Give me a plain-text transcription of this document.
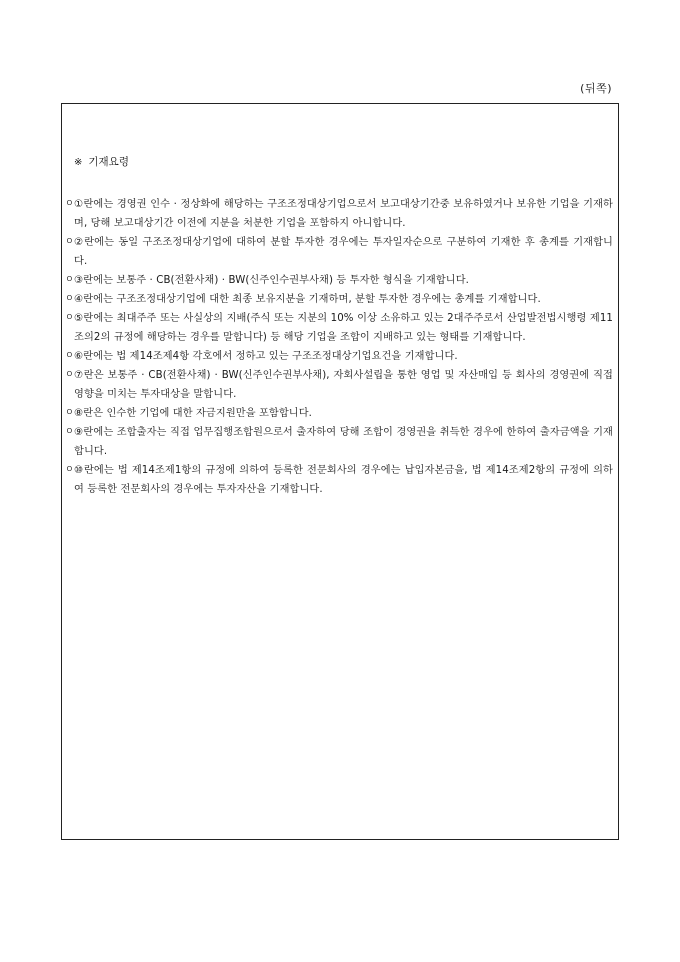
(뒤쪽)
※ 기재요령
ㅇ ①란에는 경영권 인수 · 정상화에 해당하는 구조조정대상기업으로서 보고대상기간중 보유하였거나 보유한 기업을 기재하며, 당해 보고대상기간 이전에 지분을 처분한 기업을 포함하지 아니합니다.
ㅇ ②란에는 동일 구조조정대상기업에 대하여 분할 투자한 경우에는 투자일자순으로 구분하여 기재한 후 총계를 기재합니다.
ㅇ ③란에는 보통주 · CB(전환사채) · BW(신주인수권부사채) 등 투자한 형식을 기재합니다.
ㅇ ④란에는 구조조정대상기업에 대한 최종 보유지분을 기재하며, 분할 투자한 경우에는 총계를 기재합니다.
ㅇ ⑤란에는 최대주주 또는 사실상의 지배(주식 또는 지분의 10% 이상 소유하고 있는 2대주주로서 산업발전법시행령 제11조의2의 규정에 해당하는 경우를 말합니다) 등 해당 기업을 조합이 지배하고 있는 형태를 기재합니다.
ㅇ ⑥란에는 법 제14조제4항 각호에서 정하고 있는 구조조정대상기업요건을 기재합니다.
ㅇ ⑦란은 보통주 · CB(전환사채) · BW(신주인수권부사채), 자회사설립을 통한 영업 및 자산매입 등 회사의 경영권에 직접 영향을 미치는 투자대상을 말합니다.
ㅇ ⑧란은 인수한 기업에 대한 자금지원만을 포함합니다.
ㅇ ⑨란에는 조합출자는 직접 업무집행조합원으로서 출자하여 당해 조합이 경영권을 취득한 경우에 한하여 출자금액을 기재합니다.
ㅇ ⑩란에는 법 제14조제1항의 규정에 의하여 등록한 전문회사의 경우에는 납입자본금을, 법 제14조제2항의 규정에 의하여 등록한 전문회사의 경우에는 투자자산을 기재합니다.
